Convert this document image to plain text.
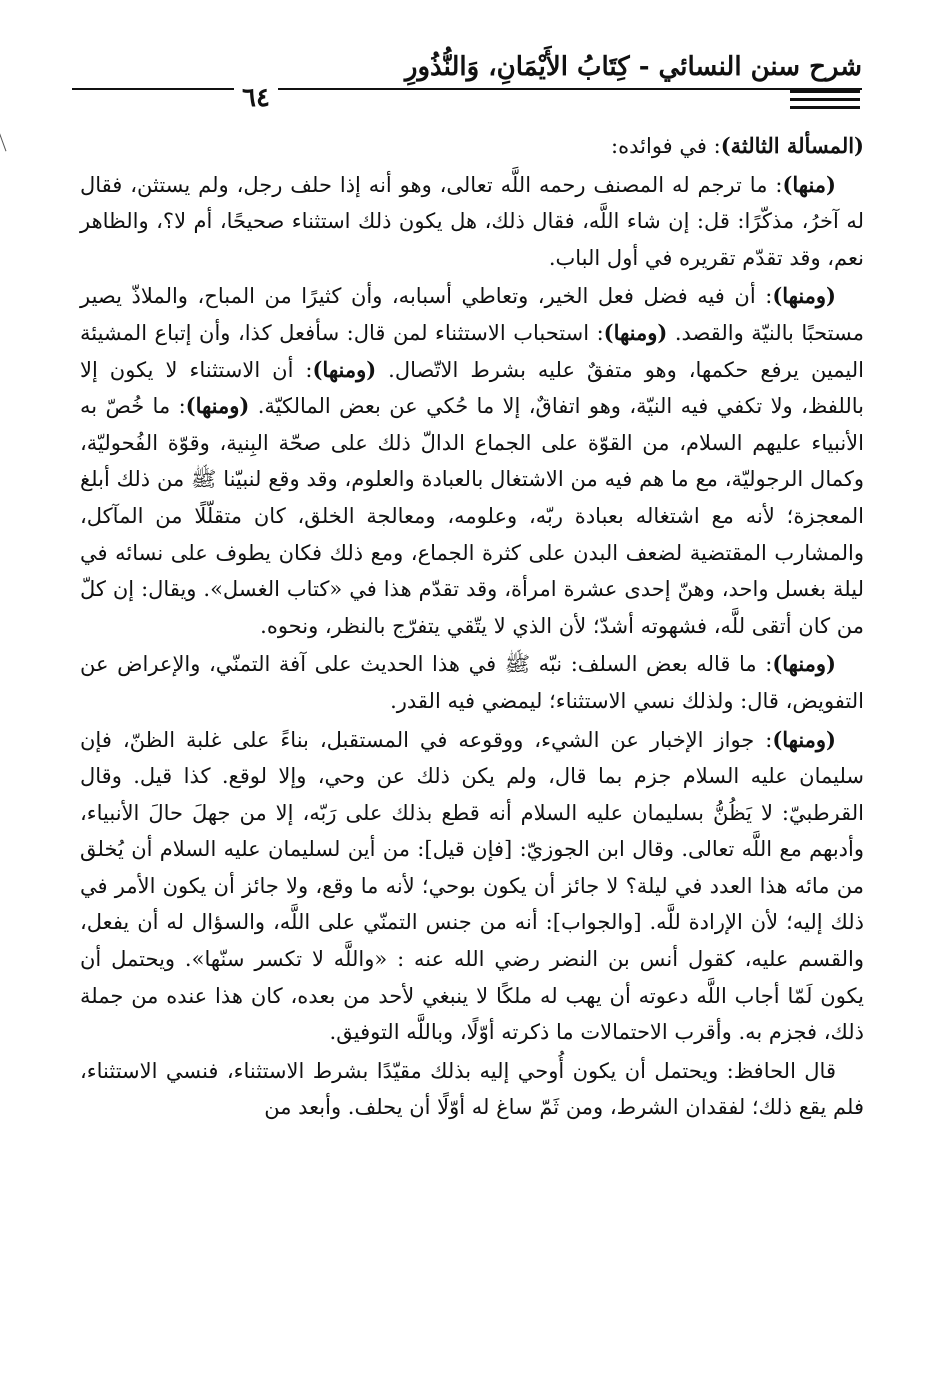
شرح سنن النسائي - كِتَابُ الأَيْمَانِ، وَالنُّذُورِ
٦٤

(المسألة الثالثة): في فوائده:

(منها): ما ترجم له المصنف رحمه اللَّه تعالى، وهو أنه إذا حلف رجل، ولم يستثن، فقال له آخرُ، مذكّرًا: قل: إن شاء اللَّه، فقال ذلك، هل يكون ذلك استثناء صحيحًا، أم لا؟، والظاهر نعم، وقد تقدّم تقريره في أول الباب.

(ومنها): أن فيه فضل فعل الخير، وتعاطي أسبابه، وأن كثيرًا من المباح، والملاذّ يصير مستحبًا بالنيّة والقصد. (ومنها): استحباب الاستثناء لمن قال: سأفعل كذا، وأن إتباع المشيئة اليمين يرفع حكمها، وهو متفقٌ عليه بشرط الاتّصال. (ومنها): أن الاستثناء لا يكون إلا باللفظ، ولا تكفي فيه النيّة، وهو اتفاقٌ، إلا ما حُكي عن بعض المالكيّة. (ومنها): ما خُصّ به الأنبياء عليهم السلام، من القوّة على الجماع الدالّ ذلك على صحّة البِنية، وقوّة الفُحوليّة، وكمال الرجوليّة، مع ما هم فيه من الاشتغال بالعبادة والعلوم، وقد وقع لنبيّنا ﷺ من ذلك أبلغ المعجزة؛ لأنه مع اشتغاله بعبادة ربّه، وعلومه، ومعالجة الخلق، كان متقلّلًا من المآكل، والمشارب المقتضية لضعف البدن على كثرة الجماع، ومع ذلك فكان يطوف على نسائه في ليلة بغسل واحد، وهنّ إحدى عشرة امرأة، وقد تقدّم هذا في «كتاب الغسل». ويقال: إن كلّ من كان أتقى للَّه، فشهوته أشدّ؛ لأن الذي لا يتّقي يتفرّج بالنظر، ونحوه.

(ومنها): ما قاله بعض السلف: نبّه ﷺ في هذا الحديث على آفة التمنّي، والإعراض عن التفويض، قال: ولذلك نسي الاستثناء؛ ليمضي فيه القدر.

(ومنها): جواز الإخبار عن الشيء، ووقوعه في المستقبل، بناءً على غلبة الظنّ، فإن سليمان عليه السلام جزم بما قال، ولم يكن ذلك عن وحي، وإلا لوقع. كذا قيل. وقال القرطبيّ: لا يَظُنُّ بسليمان عليه السلام أنه قطع بذلك على رَبّه، إلا من جهلَ حالَ الأنبياء، وأدبهم مع اللَّه تعالى. وقال ابن الجوزيّ: [فإن قيل]: من أين لسليمان عليه السلام أن يُخلق من مائه هذا العدد في ليلة؟ لا جائز أن يكون بوحي؛ لأنه ما وقع، ولا جائز أن يكون الأمر في ذلك إليه؛ لأن الإرادة للَّه. [والجواب]: أنه من جنس التمنّي على اللَّه، والسؤال له أن يفعل، والقسم عليه، كقول أنس بن النضر رضي الله عنه : «واللَّه لا تكسر سنّها». ويحتمل أن يكون لَمّا أجاب اللَّه دعوته أن يهب له ملكًا لا ينبغي لأحد من بعده، كان هذا عنده من جملة ذلك، فجزم به. وأقرب الاحتمالات ما ذكرته أوّلًا، وباللَّه التوفيق.

قال الحافظ: ويحتمل أن يكون أُوحي إليه بذلك مقيّدًا بشرط الاستثناء، فنسي الاستثناء، فلم يقع ذلك؛ لفقدان الشرط، ومن ثَمّ ساغ له أوّلًا أن يحلف. وأبعد من
